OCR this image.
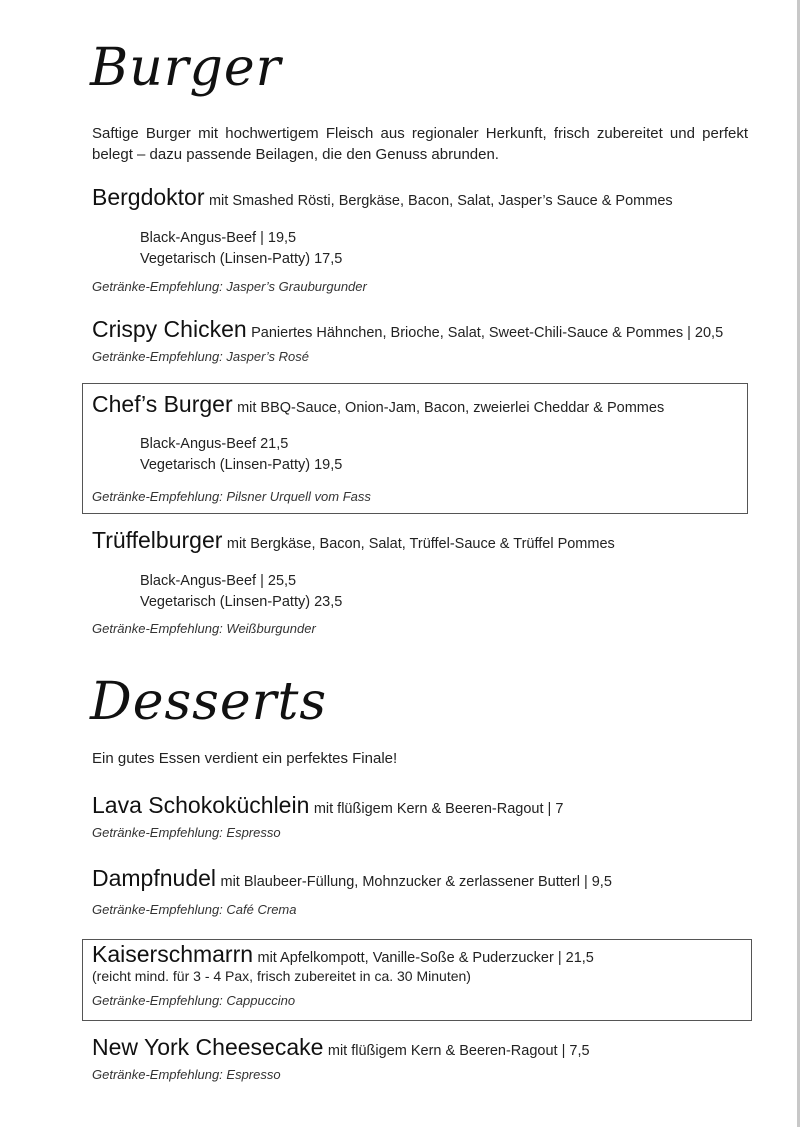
Burger
Saftige Burger mit hochwertigem Fleisch aus regionaler Herkunft, frisch zubereitet und perfekt belegt – dazu passende Beilagen, die den Genuss abrunden.
Bergdoktor mit Smashed Rösti, Bergkäse, Bacon, Salat, Jasper’s Sauce & Pommes
Black-Angus-Beef | 19,5
Vegetarisch (Linsen-Patty) 17,5
Getränke-Empfehlung: Jasper’s Grauburgunder
Crispy Chicken Paniertes Hähnchen, Brioche, Salat, Sweet-Chili-Sauce & Pommes | 20,5
Getränke-Empfehlung: Jasper’s Rosé
Chef’s Burger mit BBQ-Sauce, Onion-Jam, Bacon, zweierlei Cheddar & Pommes
Black-Angus-Beef 21,5
Vegetarisch (Linsen-Patty) 19,5
Getränke-Empfehlung: Pilsner Urquell vom Fass
Trüffelburger mit Bergkäse, Bacon, Salat, Trüffel-Sauce & Trüffel Pommes
Black-Angus-Beef | 25,5
Vegetarisch (Linsen-Patty) 23,5
Getränke-Empfehlung: Weißburgunder
Desserts
Ein gutes Essen verdient ein perfektes Finale!
Lava Schokoküchlein mit flüßigem Kern & Beeren-Ragout | 7
Getränke-Empfehlung: Espresso
Dampfnudel mit Blaubeer-Füllung, Mohnzucker & zerlassener Butterl | 9,5
Getränke-Empfehlung: Café Crema
Kaiserschmarrn mit Apfelkompott, Vanille-Soße & Puderzucker | 21,5
(reicht mind. für 3 - 4 Pax, frisch zubereitet in ca. 30 Minuten)
Getränke-Empfehlung: Cappuccino
New York Cheesecake mit flüßigem Kern & Beeren-Ragout | 7,5
Getränke-Empfehlung: Espresso
